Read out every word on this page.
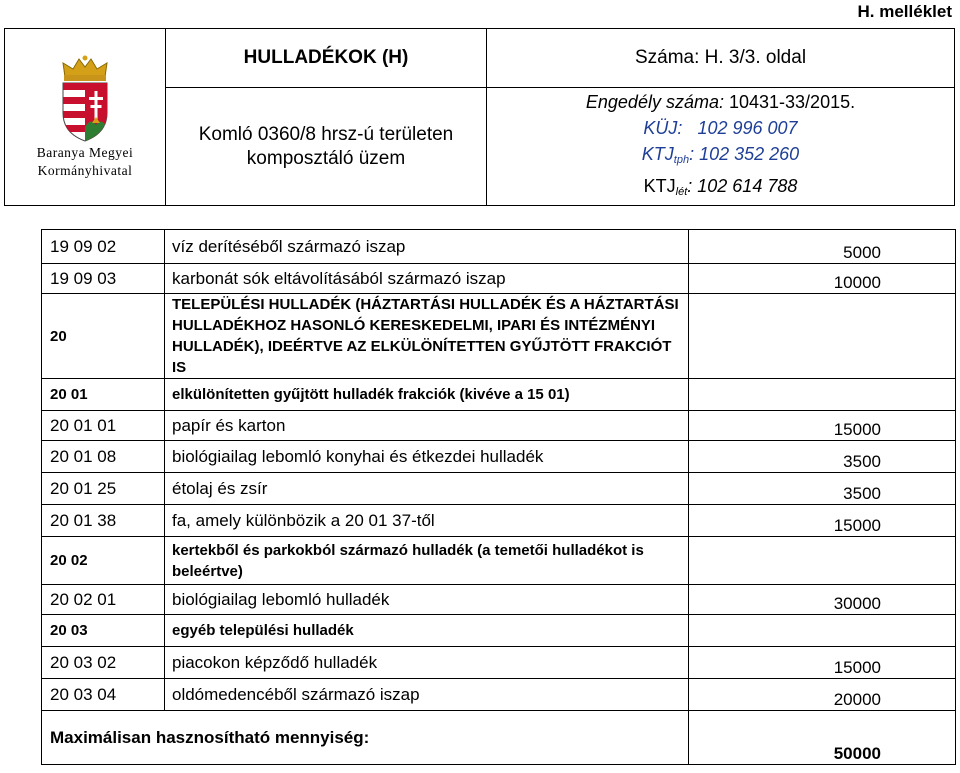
H. melléklet
Baranya Megyei
Kormányhivatal	HULLADÉKOK (H)	Száma: H. 3/3. oldal
	Komló 0360/8 hrsz-ú területen komposztáló üzem	Engedély száma: 10431-33/2015.
KÜJ: 102 996 007
$KTJ_{tph}$: 102 352 260
$KTJ_{lét}$: 102 614 788
19 09 02	víz derítéséből származó iszap	5000
19 09 03	karbonát sók eltávolításából származó iszap	10000
20	TELEPÜLÉSI HULLADÉK (HÁZTARTÁSI HULLADÉK ÉS A HÁZTARTÁSI HULLADÉKHOZ HASONLÓ KERESKEDELMI, IPARI ÉS INTÉZMÉNYI HULLADÉK), IDEÉRTVE AZ ELKÜLÖNÍTETTEN GYŰJTÖTT FRAKCIÓT IS	
20 01	elkülönítetten gyűjtött hulladék frakciók (kivéve a 15 01)	
20 01 01	papír és karton	15000
20 01 08	biológiailag lebomló konyhai és étkezdei hulladék	3500
20 01 25	étolaj és zsír	3500
20 01 38	fa, amely különbözik a 20 01 37-től	15000
20 02	kertekből és parkokból származó hulladék (a temetői hulladékot is beleértve)	
20 02 01	biológiailag lebomló hulladék	30000
20 03	egyéb települési hulladék	
20 03 02	piacokon képződő hulladék	15000
20 03 04	oldómedencéből származó iszap	20000
Maximálisan hasznosítható mennyiség:		50000
